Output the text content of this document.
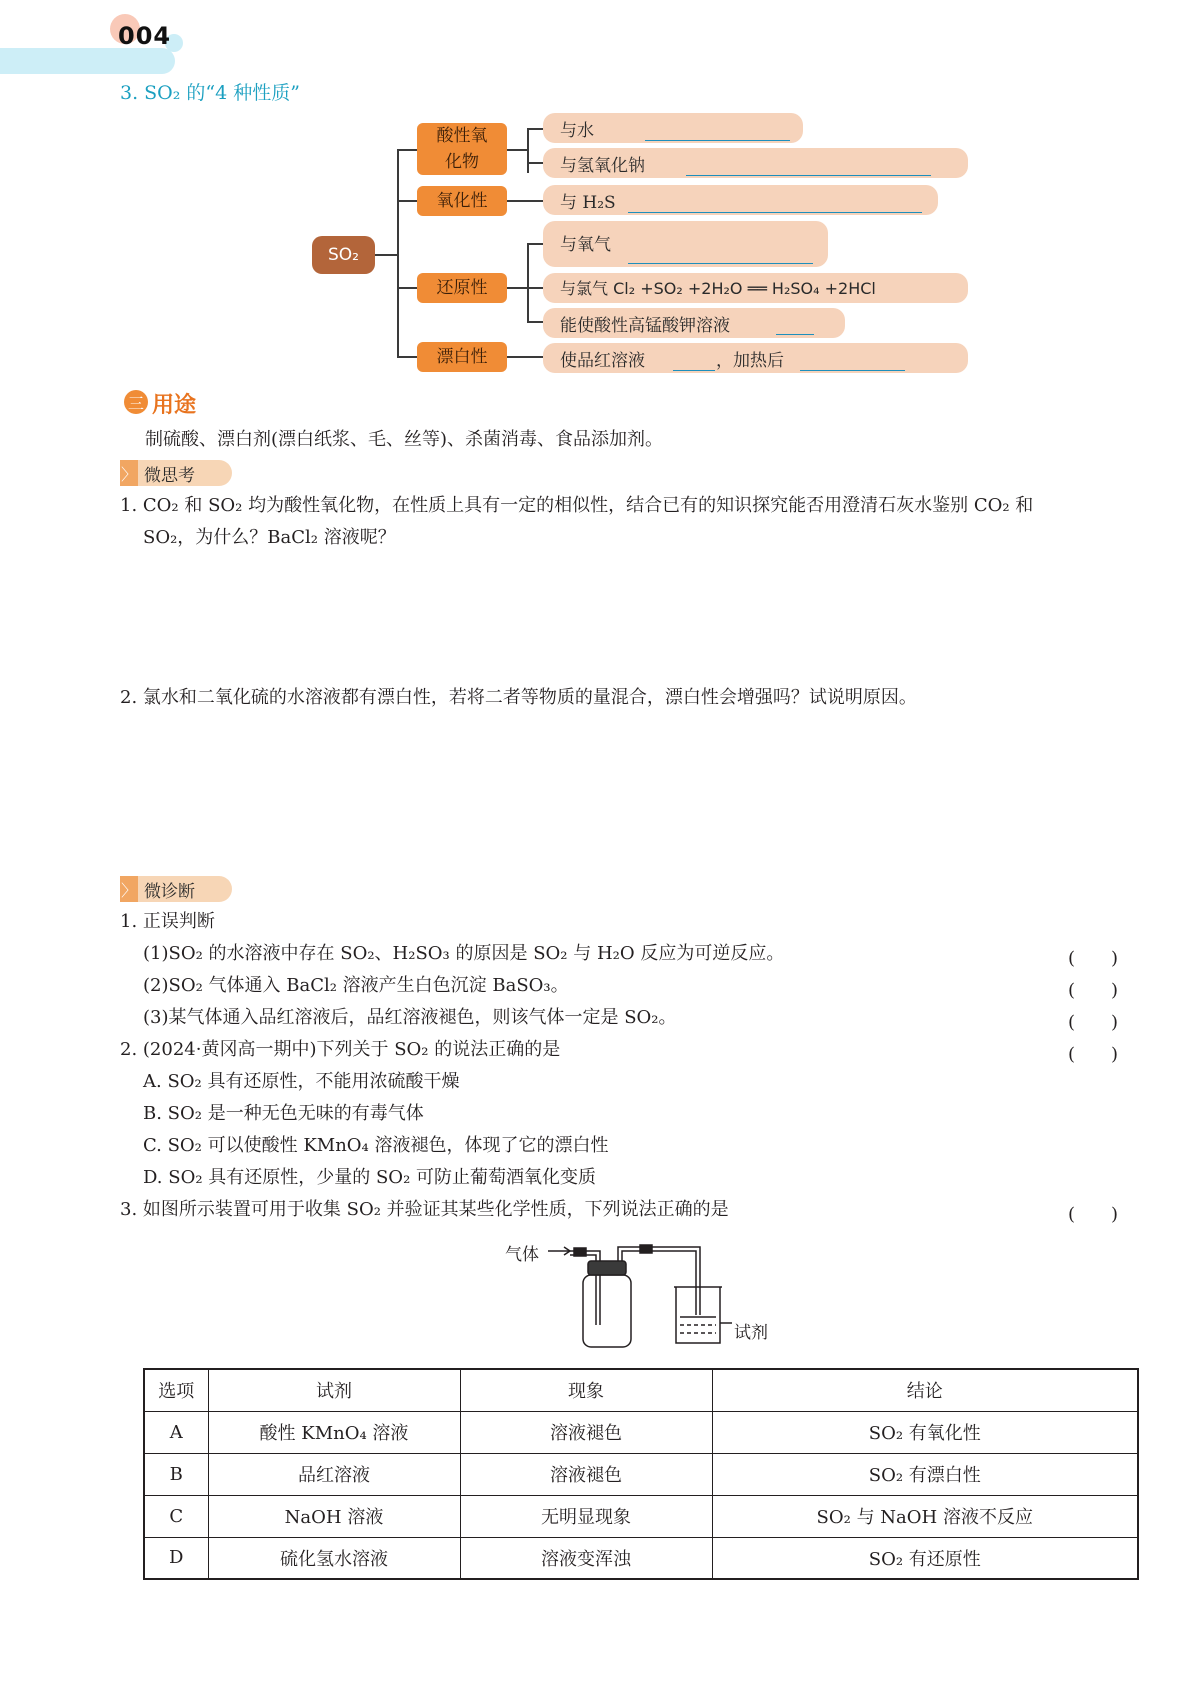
004
3. SO₂ 的“4 种性质”
SO₂
酸性氧
化物
氧化性
还原性
漂白性
与水
与氢氧化钠
与 H₂S
与氧气
与氯气 Cl₂ +SO₂ +2H₂O ══ H₂SO₄ +2HCl
能使酸性高锰酸钾溶液
使品红溶液	，加热后
三 用途
制硫酸、漂白剂(漂白纸浆、毛、丝等)、杀菌消毒、食品添加剂。
〉 微思考
1. CO₂ 和 SO₂ 均为酸性氧化物，在性质上具有一定的相似性，结合已有的知识探究能否用澄清石灰水鉴别 CO₂ 和
SO₂，为什么？BaCl₂ 溶液呢？
2. 氯水和二氧化硫的水溶液都有漂白性，若将二者等物质的量混合，漂白性会增强吗？试说明原因。
〉 微诊断
1. 正误判断
(1)SO₂ 的水溶液中存在 SO₂、H₂SO₃ 的原因是 SO₂ 与 H₂O 反应为可逆反应。	(　　)
(2)SO₂ 气体通入 BaCl₂ 溶液产生白色沉淀 BaSO₃。	(　　)
(3)某气体通入品红溶液后，品红溶液褪色，则该气体一定是 SO₂。	(　　)
2. (2024·黄冈高一期中)下列关于 SO₂ 的说法正确的是	(　　)
A. SO₂ 具有还原性，不能用浓硫酸干燥
B. SO₂ 是一种无色无味的有毒气体
C. SO₂ 可以使酸性 KMnO₄ 溶液褪色，体现了它的漂白性
D. SO₂ 具有还原性，少量的 SO₂ 可防止葡萄酒氧化变质
3. 如图所示装置可用于收集 SO₂ 并验证其某些化学性质，下列说法正确的是	(　　)
气体
试剂
选项	试剂	现象	结论
A	酸性 KMnO₄ 溶液	溶液褪色	SO₂ 有氧化性
B	品红溶液	溶液褪色	SO₂ 有漂白性
C	NaOH 溶液	无明显现象	SO₂ 与 NaOH 溶液不反应
D	硫化氢水溶液	溶液变浑浊	SO₂ 有还原性
